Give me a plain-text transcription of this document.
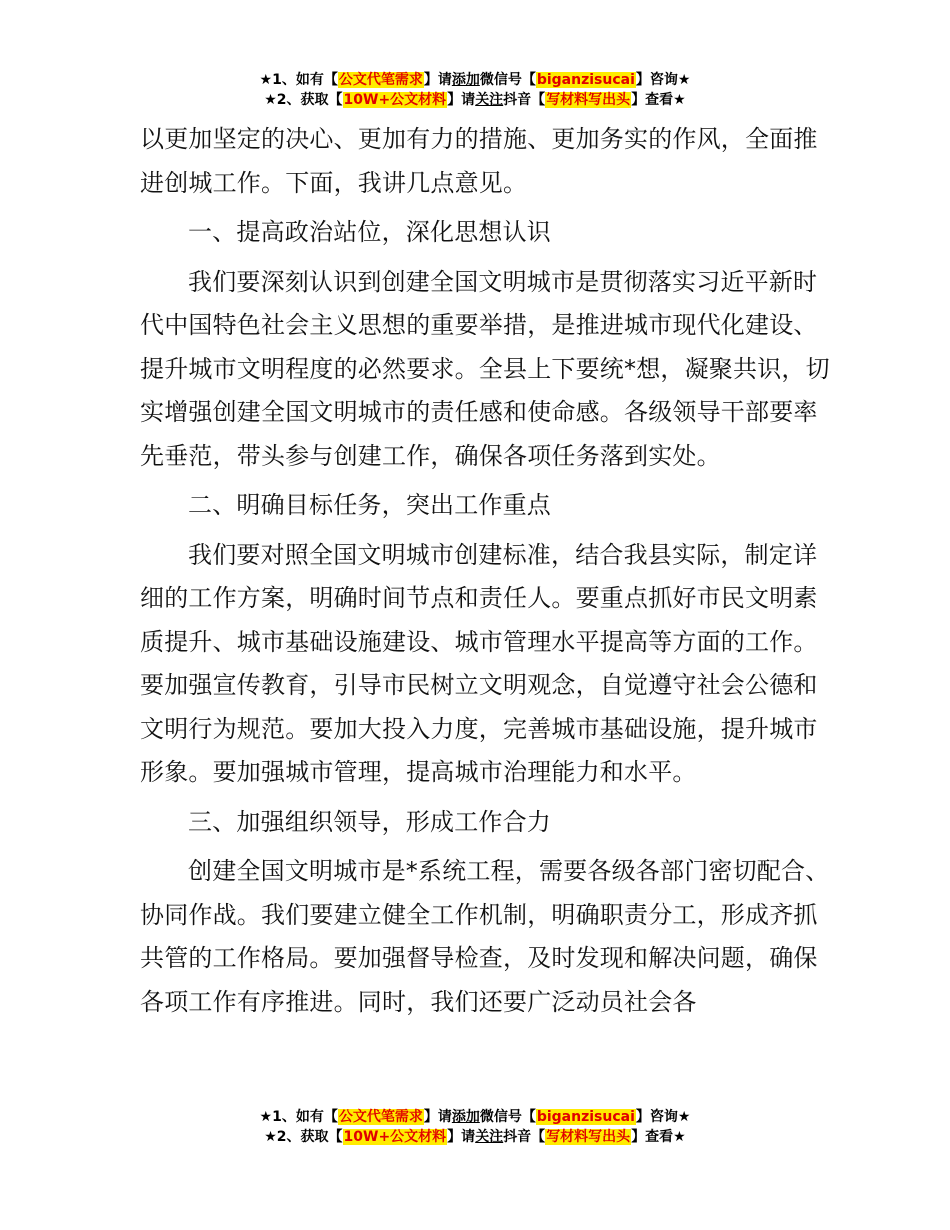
★1、如有【公文代笔需求】请添加微信号【biganzisucai】咨询★
★2、获取【10W+公文材料】请关注抖音【写材料写出头】查看★

以更加坚定的决心、更加有力的措施、更加务实的作风，全面推进创城工作。下面，我讲几点意见。

一、提高政治站位，深化思想认识

我们要深刻认识到创建全国文明城市是贯彻落实习近平新时代中国特色社会主义思想的重要举措，是推进城市现代化建设、提升城市文明程度的必然要求。全县上下要统*想，凝聚共识，切实增强创建全国文明城市的责任感和使命感。各级领导干部要率先垂范，带头参与创建工作，确保各项任务落到实处。

二、明确目标任务，突出工作重点

我们要对照全国文明城市创建标准，结合我县实际，制定详细的工作方案，明确时间节点和责任人。要重点抓好市民文明素质提升、城市基础设施建设、城市管理水平提高等方面的工作。要加强宣传教育，引导市民树立文明观念，自觉遵守社会公德和文明行为规范。要加大投入力度，完善城市基础设施，提升城市形象。要加强城市管理，提高城市治理能力和水平。

三、加强组织领导，形成工作合力

创建全国文明城市是*系统工程，需要各级各部门密切配合、协同作战。我们要建立健全工作机制，明确职责分工，形成齐抓共管的工作格局。要加强督导检查，及时发现和解决问题，确保各项工作有序推进。同时，我们还要广泛动员社会各

★1、如有【公文代笔需求】请添加微信号【biganzisucai】咨询★
★2、获取【10W+公文材料】请关注抖音【写材料写出头】查看★
